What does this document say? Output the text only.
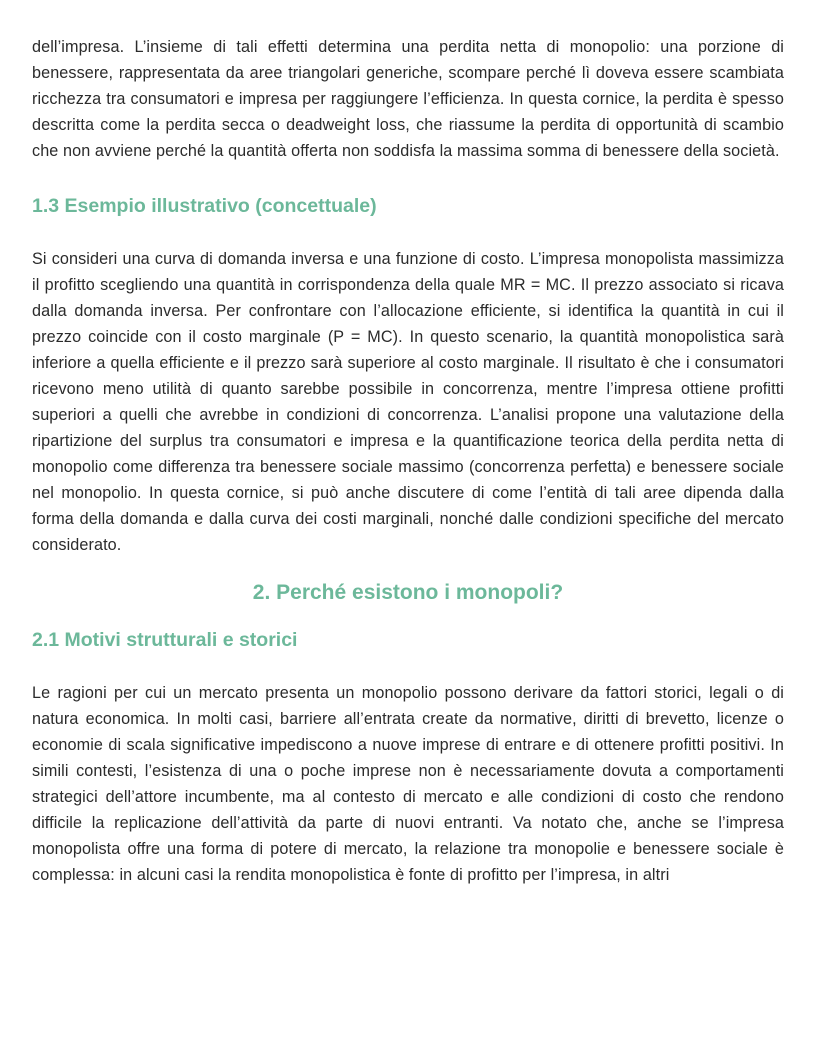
dell’impresa. L’insieme di tali effetti determina una perdita netta di monopolio: una porzione di benessere, rappresentata da aree triangolari generiche, scompare perché lì doveva essere scambiata ricchezza tra consumatori e impresa per raggiungere l’efficienza. In questa cornice, la perdita è spesso descritta come la perdita secca o deadweight loss, che riassume la perdita di opportunità di scambio che non avviene perché la quantità offerta non soddisfa la massima somma di benessere della società.

1.3 Esempio illustrativo (concettuale)

Si consideri una curva di domanda inversa e una funzione di costo. L’impresa monopolista massimizza il profitto scegliendo una quantità in corrispondenza della quale MR = MC. Il prezzo associato si ricava dalla domanda inversa. Per confrontare con l’allocazione efficiente, si identifica la quantità in cui il prezzo coincide con il costo marginale (P = MC). In questo scenario, la quantità monopolistica sarà inferiore a quella efficiente e il prezzo sarà superiore al costo marginale. Il risultato è che i consumatori ricevono meno utilità di quanto sarebbe possibile in concorrenza, mentre l’impresa ottiene profitti superiori a quelli che avrebbe in condizioni di concorrenza. L’analisi propone una valutazione della ripartizione del surplus tra consumatori e impresa e la quantificazione teorica della perdita netta di monopolio come differenza tra benessere sociale massimo (concorrenza perfetta) e benessere sociale nel monopolio. In questa cornice, si può anche discutere di come l’entità di tali aree dipenda dalla forma della domanda e dalla curva dei costi marginali, nonché dalle condizioni specifiche del mercato considerato.

2. Perché esistono i monopoli?
2.1 Motivi strutturali e storici

Le ragioni per cui un mercato presenta un monopolio possono derivare da fattori storici, legali o di natura economica. In molti casi, barriere all’entrata create da normative, diritti di brevetto, licenze o economie di scala significative impediscono a nuove imprese di entrare e di ottenere profitti positivi. In simili contesti, l’esistenza di una o poche imprese non è necessariamente dovuta a comportamenti strategici dell’attore incumbente, ma al contesto di mercato e alle condizioni di costo che rendono difficile la replicazione dell’attività da parte di nuovi entranti. Va notato che, anche se l’impresa monopolista offre una forma di potere di mercato, la relazione tra monopolie e benessere sociale è complessa: in alcuni casi la rendita monopolistica è fonte di profitto per l’impresa, in altri
